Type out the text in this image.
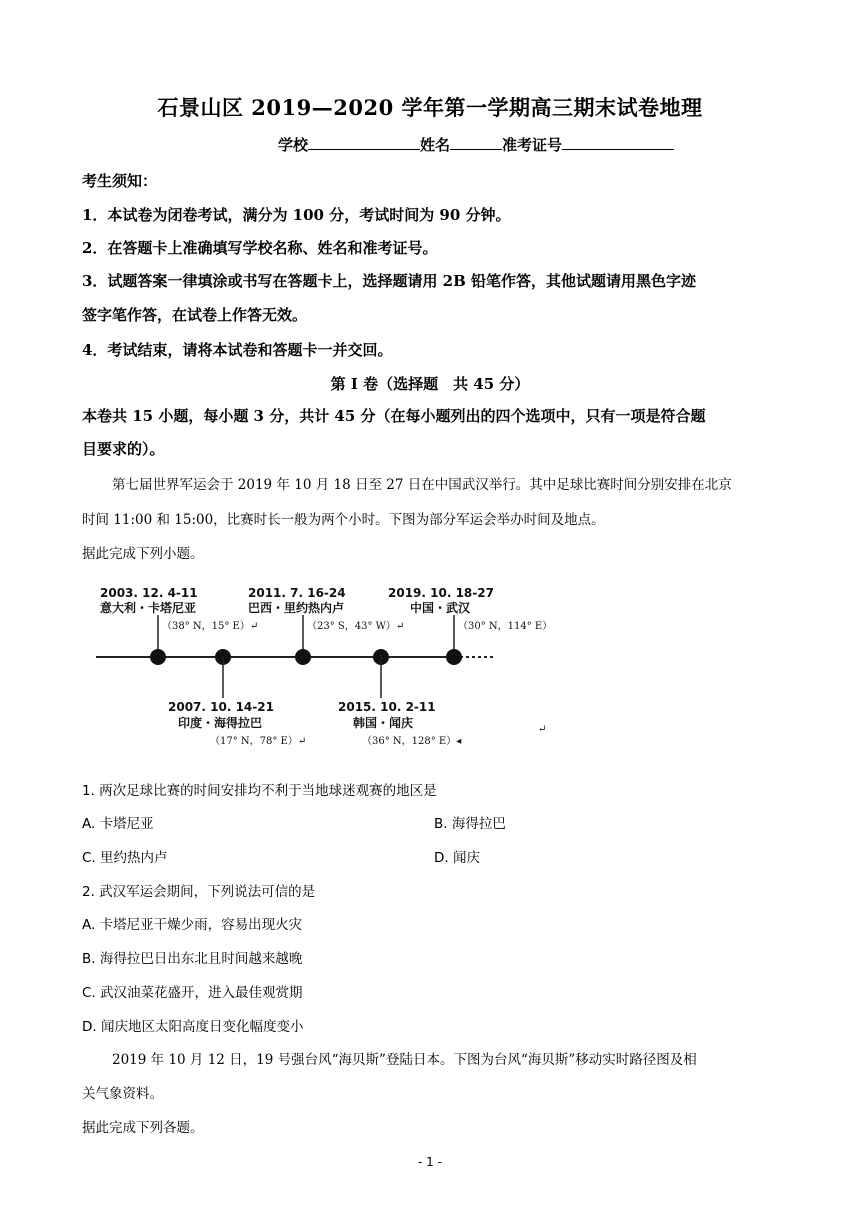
石景山区 2019—2020 学年第一学期高三期末试卷地理
学校	姓名	准考证号
考生须知：
1．本试卷为闭卷考试，满分为 100 分，考试时间为 90 分钟。
2．在答题卡上准确填写学校名称、姓名和准考证号。
3．试题答案一律填涂或书写在答题卡上，选择题请用 2B 铅笔作答，其他试题请用黑色字迹
签字笔作答，在试卷上作答无效。
4．考试结束，请将本试卷和答题卡一并交回。
第 I 卷（选择题　共 45 分）
本卷共 15 小题，每小题 3 分，共计 45 分（在每小题列出的四个选项中，只有一项是符合题
目要求的）。
第七届世界军运会于 2019 年 10 月 18 日至 27 日在中国武汉举行。其中足球比赛时间分别安排在北京
时间 11:00 和 15:00，比赛时长一般为两个小时。下图为部分军运会举办时间及地点。
据此完成下列小题。
2003. 12. 4-11
意大利・卡塔尼亚
（38° N，15° E）↵
2007. 10. 14-21
印度・海得拉巴
（17° N，78° E）↵
2011. 7. 16-24
巴西・里约热内卢
（23° S，43° W）↵
2015. 10. 2-11
韩国・闻庆
（36° N，128° E）◂
2019. 10. 18-27
中国・武汉
（30° N，114° E）
↵
1. 两次足球比赛的时间安排均不利于当地球迷观赛的地区是
A. 卡塔尼亚	B. 海得拉巴
C. 里约热内卢	D. 闻庆
2. 武汉军运会期间，下列说法可信的是
A. 卡塔尼亚干燥少雨，容易出现火灾
B. 海得拉巴日出东北且时间越来越晚
C. 武汉油菜花盛开，进入最佳观赏期
D. 闻庆地区太阳高度日变化幅度变小
2019 年 10 月 12 日，19 号强台风“海贝斯”登陆日本。下图为台风“海贝斯”移动实时路径图及相
关气象资料。
据此完成下列各题。
- 1 -
